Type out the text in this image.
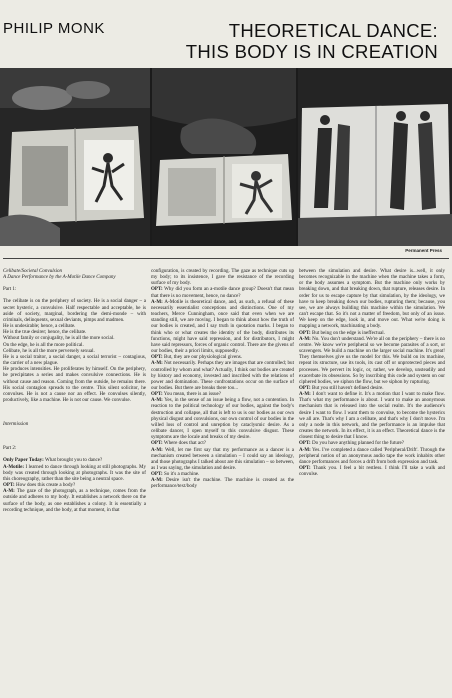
PHILIP MONK	THEORETICAL DANCE:
THIS BODY IS IN CREATION
Permanent Press

Celibate/Societal Convulsion

A Dance Performance by the A-Motile Dance Company

Part 1:

The celibate is on the periphery of society. He is a social danger – a secret hysteric, a convulsive. Half respectable and acceptable, he is aside of society, marginal, bordering the demi-monde – with criminals, delinquents, sexual deviants, pimps and madmen.

He is undesirable; hence, a celibate.

He is the true desirer; hence, the celibate.

Without family or conjugality, he is all the more social.

On the edge, he is all the more political.

Celibate, he is all the more perversely sexual.

He is a social traitor, a social danger, a social terrorist – contagious, the carrier of a new plague.

He produces intensities. He proliferates by himself. On the periphery, he precipitates a series and makes convulsive connections. He is without cause and reason. Coming from the outside, he remains there. His social contagion spreads to the centre. This silent solicitor, he convulses. He is not a cause nor an effect. He convulses silently, productively, like a machine. He is not our cause. We convulse.

Intermission

Part 2:

Only Paper Today: What brought you to dance?

A-Motile: I learned to dance through looking at still photographs. My body was created through looking at photographs. It was the site of this choreography, rather than the site being a neutral space.

OPT: How does this create a body?

A-M: The gaze of the photograph, as a technique, comes from the outside and adheres to my body. It establishes a network there on the surface of the body, as one establishes a colony. It is essentially a recording technique, and the body, at that moment, in that

configuration, is created by recording. The gaze as technique cuts up my body; to its insistence, I gave the resistance of the recording surface of my body.

OPT: Why did you form an a-motile dance group? Doesn't that mean that there is no movement, hence, no dance?

A-M: A-Motile is theoretical dance, and, as such, a refusal of these necessarily essentialist conceptions and distinctions. One of my teachers, Merce Cunningham, once said that even when we are standing still, we are moving. I began to think about how the truth of our bodies is created, and I say truth in quotation marks. I began to think who or what creates the identity of the body, distributes its functions, might have said repression, and for distributors, I might have said repressors, forces of organic control. There are the givens of our bodies, their a priori limits, supposedly.

OPT: But, they are our physiological givens.

A-M: Not necessarily. Perhaps they are images that are controlled; but controlled by whom and what? Actually, I think our bodies are created by history and economy, invested and inscribed with the relations of power and domination. These confrontations occur on the surface of our bodies. But there are breaks there too...

OPT: You mean, there is an issue?

A-M: Yes, in the sense of an issue being a flow, not a contention. In reaction to the political technology of our bodies, against the body's destruction and collapse, all that is left to us is our bodies as our own physical disgust and convulsions, our own control of our bodies in the willed loss of control and unreption by cataclysmic desire. As a celibate dancer, I open myself to this convulsive disgust. These symptoms are the locale and breaks of my desire.

OPT: Where does that act?

A-M: Well, let me first say that my performance as a dancer is a mechanism created between a simulation – I could say an ideology, and those photographs I talked about are this simulation – so between, as I was saying, the simulation and desire.

OPT: So it's a machine.

A-M: Desire isn't the machine. The machine is created as the performance/text/body

between the simulation and desire. What desire is...well, it only becomes recognizable in the machine when the machine takes a form, or the body assumes a symptom. But the machine only works by breaking down, and that breaking down, that rupture, releases desire. In order for us to escape capture by that simulation, by the ideology, we have to keep breaking down our bodies, rupturing them; because, you see, we are always building this machine within the simulation. We can't escape that. So it's not a matter of freedom, but only of an issue. We keep on the edge, look in, and move out. What we're doing is mapping a network, machinating a body.

OPT: But being on the edge is ineffectual.

A-M: No. You don't understand. We're all on the periphery – there is no centre. We know we're peripheral so we become parasites of a sort, or scavengers. We build a machine on the larger social machine. It's great! They themselves give us the model for this. We build on its machine, repeat its structure, use its tools, its cast off or unprotected pieces and processes. We pervert its logic, or, rather, we develop, unsteadily and exacerbate its obsessions. So by inscribing this code and system on our ciphered bodies, we siphon the flow, but we siphon by rupturing.

OPT: But you still haven't defined desire.

A-M: I don't want to define it. It's a motion that I want to make flow. That's what my performance is about. I want to make an anonymous mechanism that is released into the social realm. It's the audience's desire I want to flow. I want them to convulse, to become the hysterics we all are. That's why I am a celibate, and that's why I don't move. I'm only a node in this network, and the performance is an impulse that creates the network. In its effect, it is an effect. Theoretical dance is the closest thing to desire that I know.

OPT: Do you have anything planned for the future?

A-M: Yes. I've completed a dance called 'Peripheral/Drift'. Through the peripheral notion of an anonymous audio tape the work inhabits other dance performances and forces a drift from both expression and task.

OPT: Thank you. I feel a bit restless. I think I'll take a walk and convulse.
